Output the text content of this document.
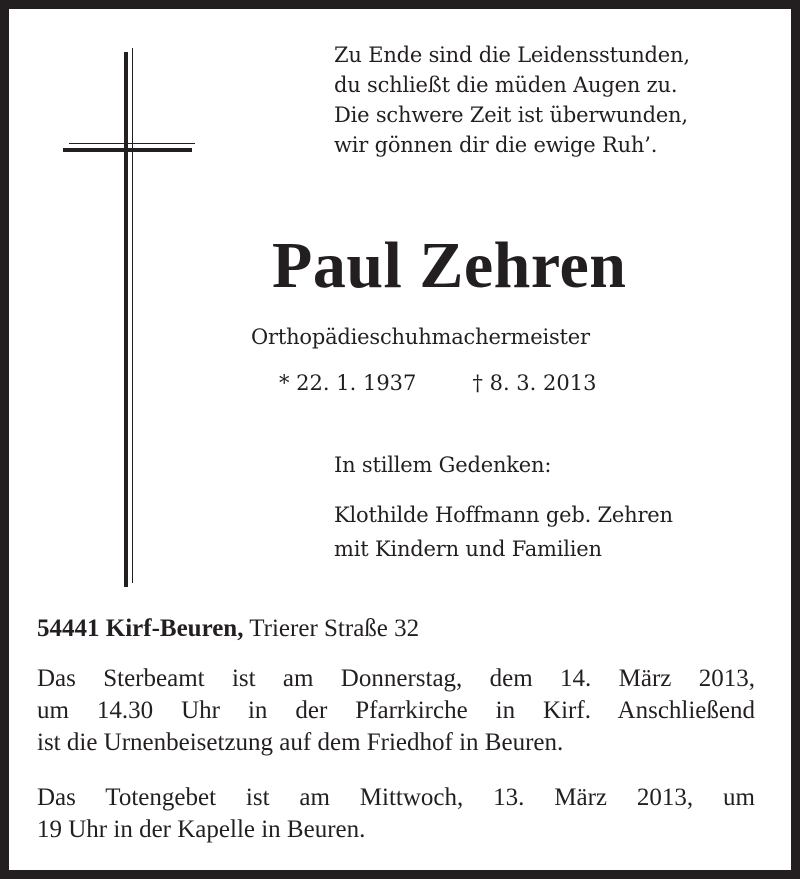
Zu Ende sind die Leidensstunden,
du schließt die müden Augen zu.
Die schwere Zeit ist überwunden,
wir gönnen dir die ewige Ruh’.
Paul Zehren
Orthopädieschuhmachermeister
* 22. 1. 1937	† 8. 3. 2013
In stillem Gedenken:
Klothilde Hoffmann geb. Zehren
mit Kindern und Familien
54441 Kirf-Beuren, Trierer Straße 32
Das Sterbeamt ist am Donnerstag, dem 14. März 2013,
um 14.30 Uhr in der Pfarrkirche in Kirf. Anschließend
ist die Urnenbeisetzung auf dem Friedhof in Beuren.
Das Totengebet ist am Mittwoch, 13. März 2013, um
19 Uhr in der Kapelle in Beuren.
